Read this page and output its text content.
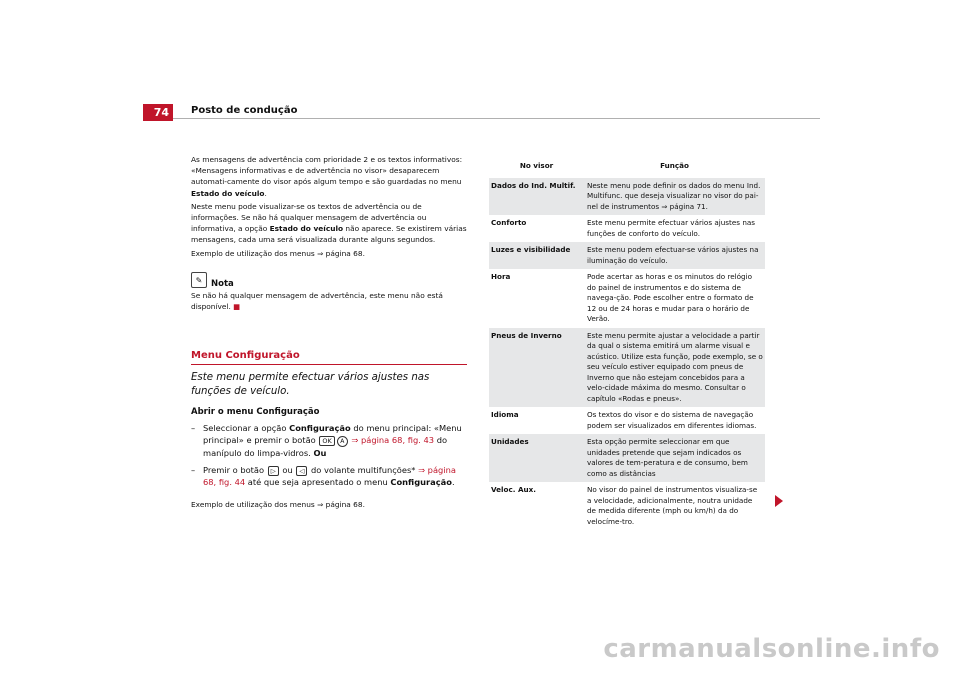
74	Posto de condução

As mensagens de advertência com prioridade 2 e os textos informativos: «Mensagens informativas e de advertência no visor» desaparecem automati-camente do visor após algum tempo e são guardadas no menu Estado do veículo.

Neste menu pode visualizar-se os textos de advertência ou de informações. Se não há qualquer mensagem de advertência ou informativa, a opção Estado do veículo não aparece. Se existirem várias mensagens, cada uma será visualizada durante alguns segundos.

Exemplo de utilização dos menus ⇒ página 68.

✎	Nota

Se não há qualquer mensagem de advertência, este menu não está disponível. ■

Menu Configuração
Este menu permite efectuar vários ajustes nas funções de veículo.
Abrir o menu Configuração
– Seleccionar a opção Configuração do menu principal: «Menu principal» e premir o botão OK A ⇒ página 68, fig. 43 do manípulo do limpa-vidros. Ou
– Premir o botão ▷ ou ◁ do volante multifunções* ⇒ página 68, fig. 44 até que seja apresentado o menu Configuração.
Exemplo de utilização dos menus ⇒ página 68.
No visor	Função
Dados do Ind. Multif.	Neste menu pode definir os dados do menu Ind. Multifunc. que deseja visualizar no visor do pai-nel de instrumentos ⇒ página 71.
Conforto	Este menu permite efectuar vários ajustes nas funções de conforto do veículo.
Luzes e visibilidade	Este menu podem efectuar-se vários ajustes na iluminação do veículo.
Hora	Pode acertar as horas e os minutos do relógio do painel de instrumentos e do sistema de navega-ção. Pode escolher entre o formato de 12 ou de 24 horas e mudar para o horário de Verão.
Pneus de Inverno	Este menu permite ajustar a velocidade a partir da qual o sistema emitirá um alarme visual e acústico. Utilize esta função, pode exemplo, se o seu veículo estiver equipado com pneus de Inverno que não estejam concebidos para a velo-cidade máxima do mesmo. Consultar o capítulo «Rodas e pneus».
Idioma	Os textos do visor e do sistema de navegação podem ser visualizados em diferentes idiomas.
Unidades	Esta opção permite seleccionar em que unidades pretende que sejam indicados os valores de tem-peratura e de consumo, bem como as distâncias
Veloc. Aux.	No visor do painel de instrumentos visualiza-se a velocidade, adicionalmente, noutra unidade de medida diferente (mph ou km/h) da do velocíme-tro.
carmanualsonline.info
